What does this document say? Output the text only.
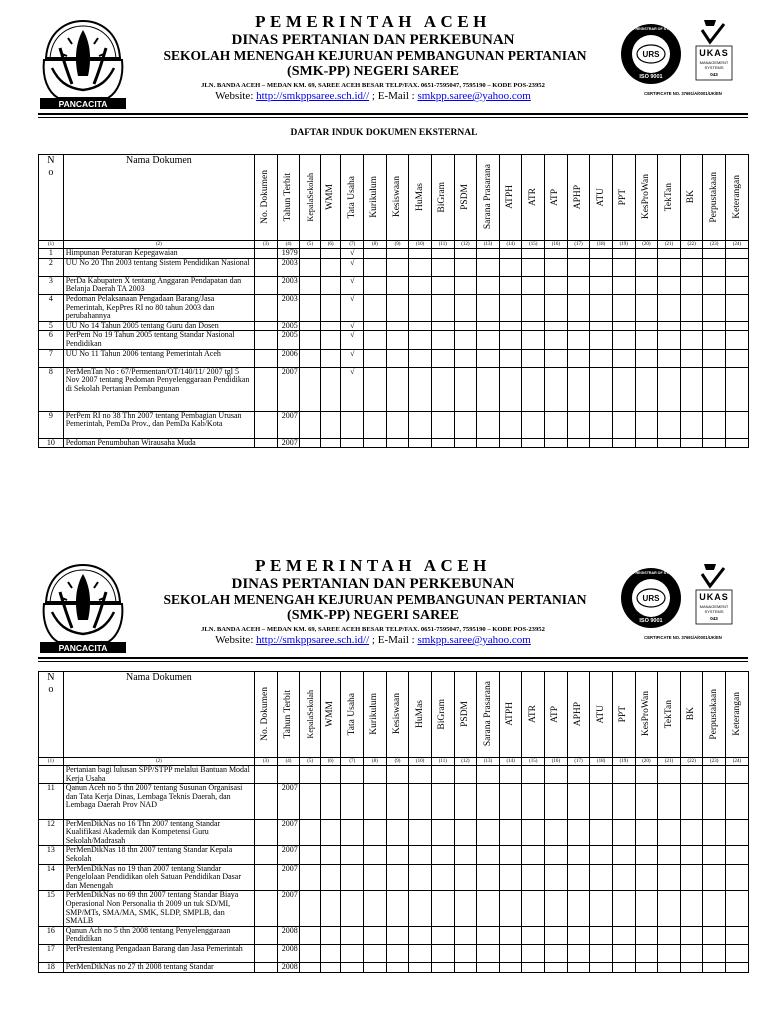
PANCACITA
PEMERINTAH ACEH
DINAS PERTANIAN DAN PERKEBUNAN
SEKOLAH MENENGAH KEJURUAN PEMBANGUNAN PERTANIAN
(SMK-PP) NEGERI SAREE
JLN. BANDA ACEH – MEDAN KM. 69, SAREE ACEH BESAR TELP/FAX. 0651-7595047, 7595190 – KODE POS-23952
Website: http://smkppsaree.sch.id// ; E-Mail : smkpp.saree@yahoo.com
URS
ISO 9001
UNITED REGISTRAR OF SYSTEMS
UKAS
MANAGEMENT
SYSTEMS
043
CERTIFICATE NO. 37691/A/0001/UK/EN
DAFTAR INDUK DOKUMEN EKSTERNAL
No	Nama Dokumen	No. Dokumen	Tahun Terbit	KepalaSekolah	WMM	Tata Usaha	Kurikulum	Kesiswaan	HuMas	BiGram	PSDM	Sarana Prasarana	ATPH	ATR	ATP	APHP	ATU	PPT	KesProWan	TekTan	BK	Perpustakaan	Keterangan

(1)	(2)	(3)	(4)	(5)	(6)	(7)	(8)	(9)	(10)	(11)	(12)	(13)	(14)	(15)	(16)	(17)	(18)	(19)	(20)	(21)	(22)	(23)	(24)
1	Himpunan Peraturan Kepegawaian		1979			√																	
2	UU No 20 Thn 2003 tentang Sistem Pendidikan Nasional		2003			√																	
3	PerDa Kabupaten X tentang Anggaran Pendapatan dan Belanja Daerah TA 2003		2003			√																	
4	Pedoman Pelaksanaan Pengadaan Barang/Jasa Pemerintah, KepPres RI no 80 tahun 2003 dan perubahannya		2003			√																	
5	UU No 14 Tahun 2005 tentang Guru dan Dosen		2005			√																	
6	PerPem No 19 Tahun 2005 tentang Standar Nasional Pendidikan		2005			√																	
7	UU No 11 Tahun 2006 tentang Pemerintah Aceh		2006			√																	
8	PerMenTan No : 67/Permentan/OT/140/11/ 2007 tgl 5 Nov 2007 tentang Pedoman Penyelenggaraan Pendidikan di Sekolah Pertanian Pembangunan		2007			√																	
9	PerPem RI no 38 Thn 2007 tentang Pembagian Urusan Pemerintah, PemDa Prov., dan PemDa Kab/Kota		2007																				
10	Pedoman Penumbuhan Wirausaha Muda		2007																				
PANCACITA
PEMERINTAH ACEH
DINAS PERTANIAN DAN PERKEBUNAN
SEKOLAH MENENGAH KEJURUAN PEMBANGUNAN PERTANIAN
(SMK-PP) NEGERI SAREE
JLN. BANDA ACEH – MEDAN KM. 69, SAREE ACEH BESAR TELP/FAX. 0651-7595047, 7595190 – KODE POS-23952
Website: http://smkppsaree.sch.id// ; E-Mail : smkpp.saree@yahoo.com
URS
ISO 9001
UNITED REGISTRAR OF SYSTEMS
UKAS
MANAGEMENT
SYSTEMS
043
CERTIFICATE NO. 37691/A/0001/UK/EN
No	Nama Dokumen	No. Dokumen	Tahun Terbit	KepalaSekolah	WMM	Tata Usaha	Kurikulum	Kesiswaan	HuMas	BiGram	PSDM	Sarana Prasarana	ATPH	ATR	ATP	APHP	ATU	PPT	KesProWan	TekTan	BK	Perpustakaan	Keterangan

(1)	(2)	(3)	(4)	(5)	(6)	(7)	(8)	(9)	(10)	(11)	(12)	(13)	(14)	(15)	(16)	(17)	(18)	(19)	(20)	(21)	(22)	(23)	(24)
	Pertanian bagi lulusan SPP/STPP melalui Bantuan Modal Kerja Usaha																						
11	Qanun Aceh no 5 thn 2007 tentang Susunan Organisasi dan Tata Kerja Dinas, Lembaga Teknis Daerah, dan Lembaga Daerah Prov NAD		2007																				
12	PerMenDikNas no 16 Thn 2007 tentang Standar Kualifikasi Akademik dan Kompetensi Guru Sekolah/Madrasah		2007																				
13	PerMenDikNas 18 thn 2007 tentang Standar Kepala Sekolah		2007																				
14	PerMenDikNas no 19 than 2007 tentang Standar Pengelolaan Pendidikan oleh Satuan Pendidikan Dasar dan Menengah		2007																				
15	PerMenDikNas no 69 thn 2007 tentang Standar Biaya Operasional Non Personalia th 2009 un tuk SD/MI, SMP/MTs, SMA/MA, SMK, SLDP, SMPLB, dan SMALB		2007																				
16	Qanun Ach no 5 thn 2008 tentang Penyelenggaraan Pendidikan		2008																				
17	PerPrestentang Pengadaan Barang dan Jasa Pemerintah		2008																				
18	PerMenDikNas no 27 th 2008 tentang Standar		2008																				
